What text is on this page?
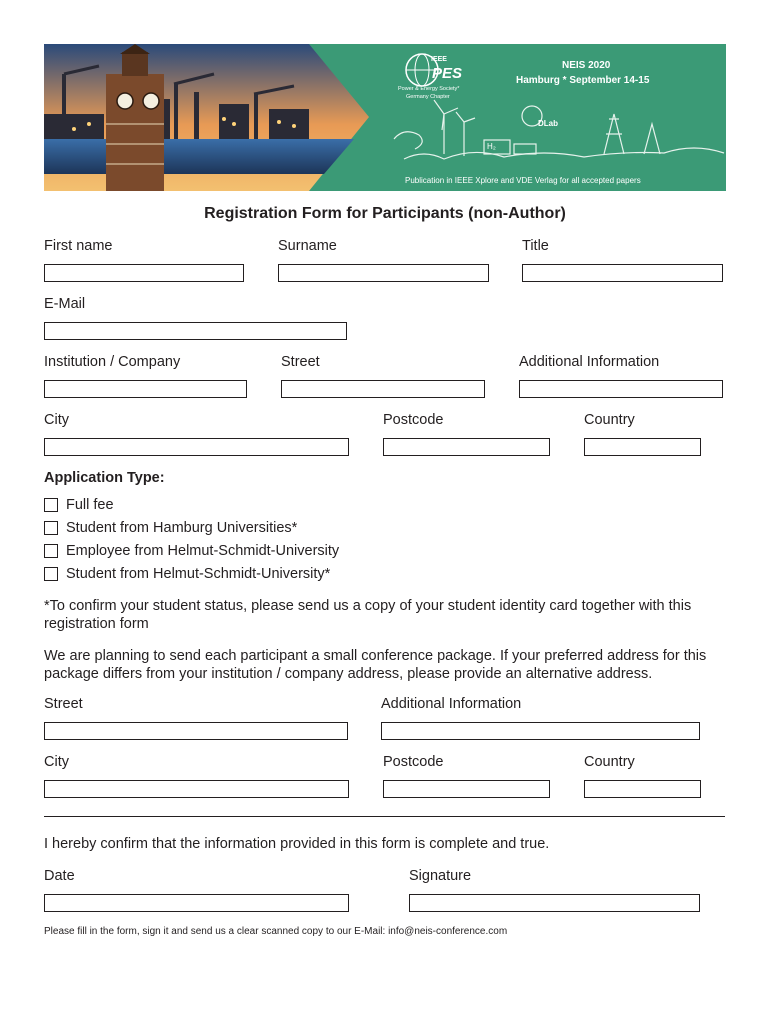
NEIS 2020
Hamburg * September 14-15
IEEE
PES
Power & Energy Society*
Germany Chapter
DLab
H₂
Publication in IEEE Xplore and VDE Verlag for all accepted papers
Registration Form for Participants (non-Author)
First name	Surname	Title
E-Mail
Institution / Company	Street	Additional Information
City	Postcode	Country
Application Type:
Full fee
Student from Hamburg Universities*
Employee from Helmut-Schmidt-University
Student from Helmut-Schmidt-University*
*To confirm your student status, please send us a copy of your student identity card together with this registration form
We are planning to send each participant a small conference package. If your preferred address for this package differs from your institution / company address, please provide an alternative address.
Street	Additional Information
City	Postcode	Country
I hereby confirm that the information provided in this form is complete and true.
Date	Signature
Please fill in the form, sign it and send us a clear scanned copy to our E-Mail: info@neis-conference.com
